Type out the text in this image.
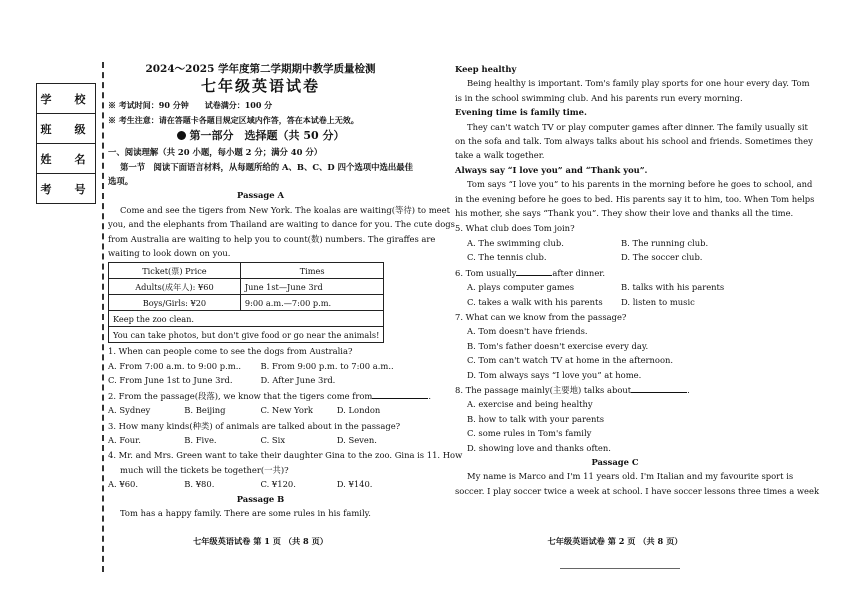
学　校
班　级
姓　名
考　号
2024～2025 学年度第二学期期中教学质量检测
七年级英语试卷
※ 考试时间：90 分钟　　试卷满分：100 分
※ 考生注意：请在答题卡各题目规定区域内作答，答在本试卷上无效。
第一部分　选择题（共 50 分）
一、阅读理解（共 20 小题，每小题 2 分；满分 40 分）
第一节　阅读下面语言材料，从每题所给的 A、B、C、D 四个选项中选出最佳
选项。
Passage A
Come and see the tigers from New York. The koalas are waiting(等待) to meet
you, and the elephants from Thailand are waiting to dance for you. The cute dogs
from Australia are waiting to help you to count(数) numbers. The giraffes are
waiting to look down on you.
Ticket(票) Price	Times
Adults(成年人): ¥60	June 1st—June 3rd
Boys/Girls: ¥20	9:00 a.m.—7:00 p.m.
Keep the zoo clean.	
You can take photos, but don't give food or go near the animals!	
1. When can people come to see the dogs from Australia?
A. From 7:00 a.m. to 9:00 p.m..	B. From 9:00 p.m. to 7:00 a.m..
C. From June 1st to June 3rd.	D. After June 3rd.
2. From the passage(段落), we know that the tigers come from	.
A. Sydney	B. Beijing	C. New York	D. London
3. How many kinds(种类) of animals are talked about in the passage?
A. Four.	B. Five.	C. Six	D. Seven.
4. Mr. and Mrs. Green want to take their daughter Gina to the zoo. Gina is 11. How
much will the tickets be together(一共)?
A. ¥60.	B. ¥80.	C. ¥120.	D. ¥140.
Passage B
Tom has a happy family. There are some rules in his family.
七年级英语试卷 第 1 页 （共 8 页）
Keep healthy
Being healthy is important. Tom's family play sports for one hour every day. Tom
is in the school swimming club. And his parents run every morning.
Evening time is family time.
They can't watch TV or play computer games after dinner. The family usually sit
on the sofa and talk. Tom always talks about his school and friends. Sometimes they
take a walk together.
Always say “I love you” and “Thank you”.
Tom says “I love you” to his parents in the morning before he goes to school, and
in the evening before he goes to bed. His parents say it to him, too. When Tom helps
his mother, she says “Thank you”. They show their love and thanks all the time.
5. What club does Tom join?
A. The swimming club.	B. The running club.
C. The tennis club.	D. The soccer club.
6. Tom usually	after dinner.
A. plays computer games	B. talks with his parents
C. takes a walk with his parents	D. listen to music
7. What can we know from the passage?
A. Tom doesn't have friends.
B. Tom's father doesn't exercise every day.
C. Tom can't watch TV at home in the afternoon.
D. Tom always says “I love you” at home.
8. The passage mainly(主要地) talks about	.
A. exercise and being healthy
B. how to talk with your parents
C. some rules in Tom's family
D. showing love and thanks often.
Passage C
My name is Marco and I'm 11 years old. I'm Italian and my favourite sport is
soccer. I play soccer twice a week at school. I have soccer lessons three times a week
七年级英语试卷 第 2 页 （共 8 页）
